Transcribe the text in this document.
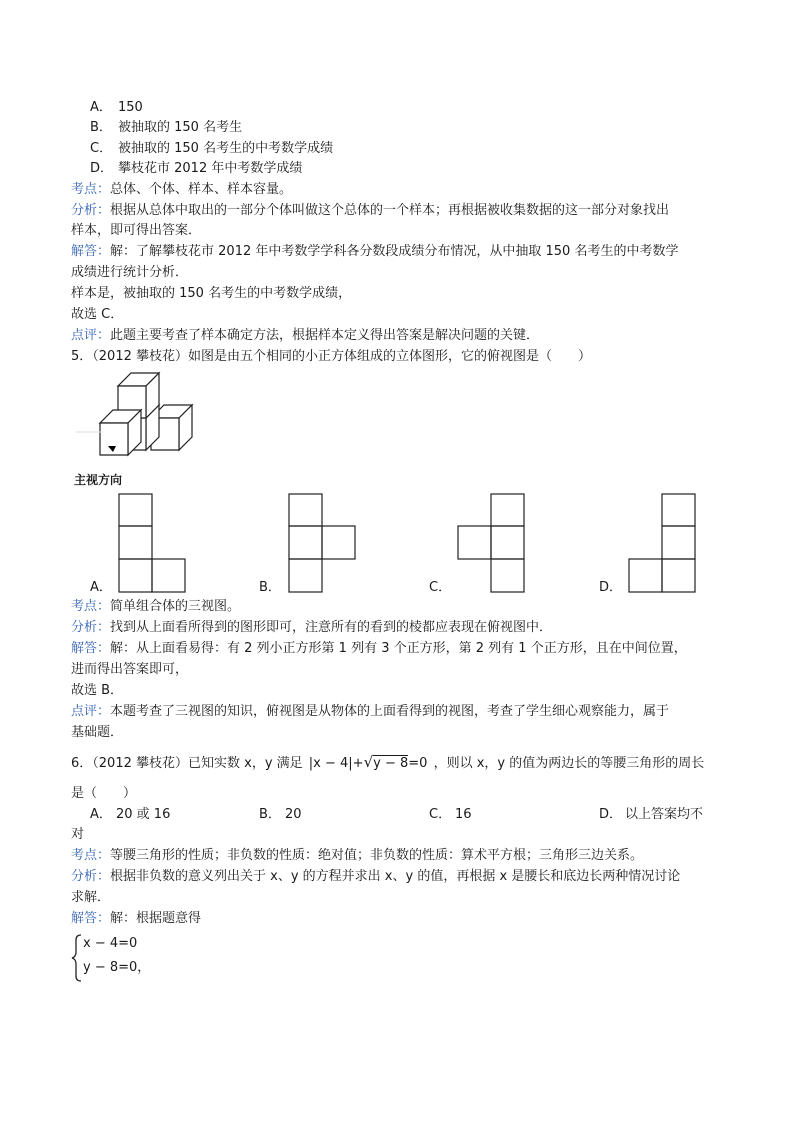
A． 150
B． 被抽取的 150 名考生
C． 被抽取的 150 名考生的中考数学成绩
D． 攀枝花市 2012 年中考数学成绩
考点：总体、个体、样本、样本容量。
分析：根据从总体中取出的一部分个体叫做这个总体的一个样本；再根据被收集数据的这一部分对象找出
样本，即可得出答案．
解答：解：了解攀枝花市 2012 年中考数学学科各分数段成绩分布情况，从中抽取 150 名考生的中考数学
成绩进行统计分析．
样本是，被抽取的 150 名考生的中考数学成绩，
故选 C．
点评：此题主要考查了样本确定方法，根据样本定义得出答案是解决问题的关键．
5．（2012 攀枝花）如图是由五个相同的小正方体组成的立体图形，它的俯视图是（　　）
主视方向
A．	B．	C．	D．
考点：简单组合体的三视图。
分析：找到从上面看所得到的图形即可，注意所有的看到的棱都应表现在俯视图中．
解答：解：从上面看易得：有 2 列小正方形第 1 列有 3 个正方形，第 2 列有 1 个正方形，且在中间位置，
进而得出答案即可，
故选 B．
点评：本题考查了三视图的知识，俯视图是从物体的上面看得到的视图，考查了学生细心观察能力，属于
基础题．
6．（2012 攀枝花）已知实数 x，y 满足 |x − 4|+√y − 8=0 ，则以 x，y 的值为两边长的等腰三角形的周长
是（　　）
A． 20 或 16	B． 20	C． 16	D． 以上答案均不
对
考点：等腰三角形的性质；非负数的性质：绝对值；非负数的性质：算术平方根；三角形三边关系。
分析：根据非负数的意义列出关于 x、y 的方程并求出 x、y 的值，再根据 x 是腰长和底边长两种情况讨论
求解．
解答：解：根据题意得
x − 4=0
y − 8=0，
